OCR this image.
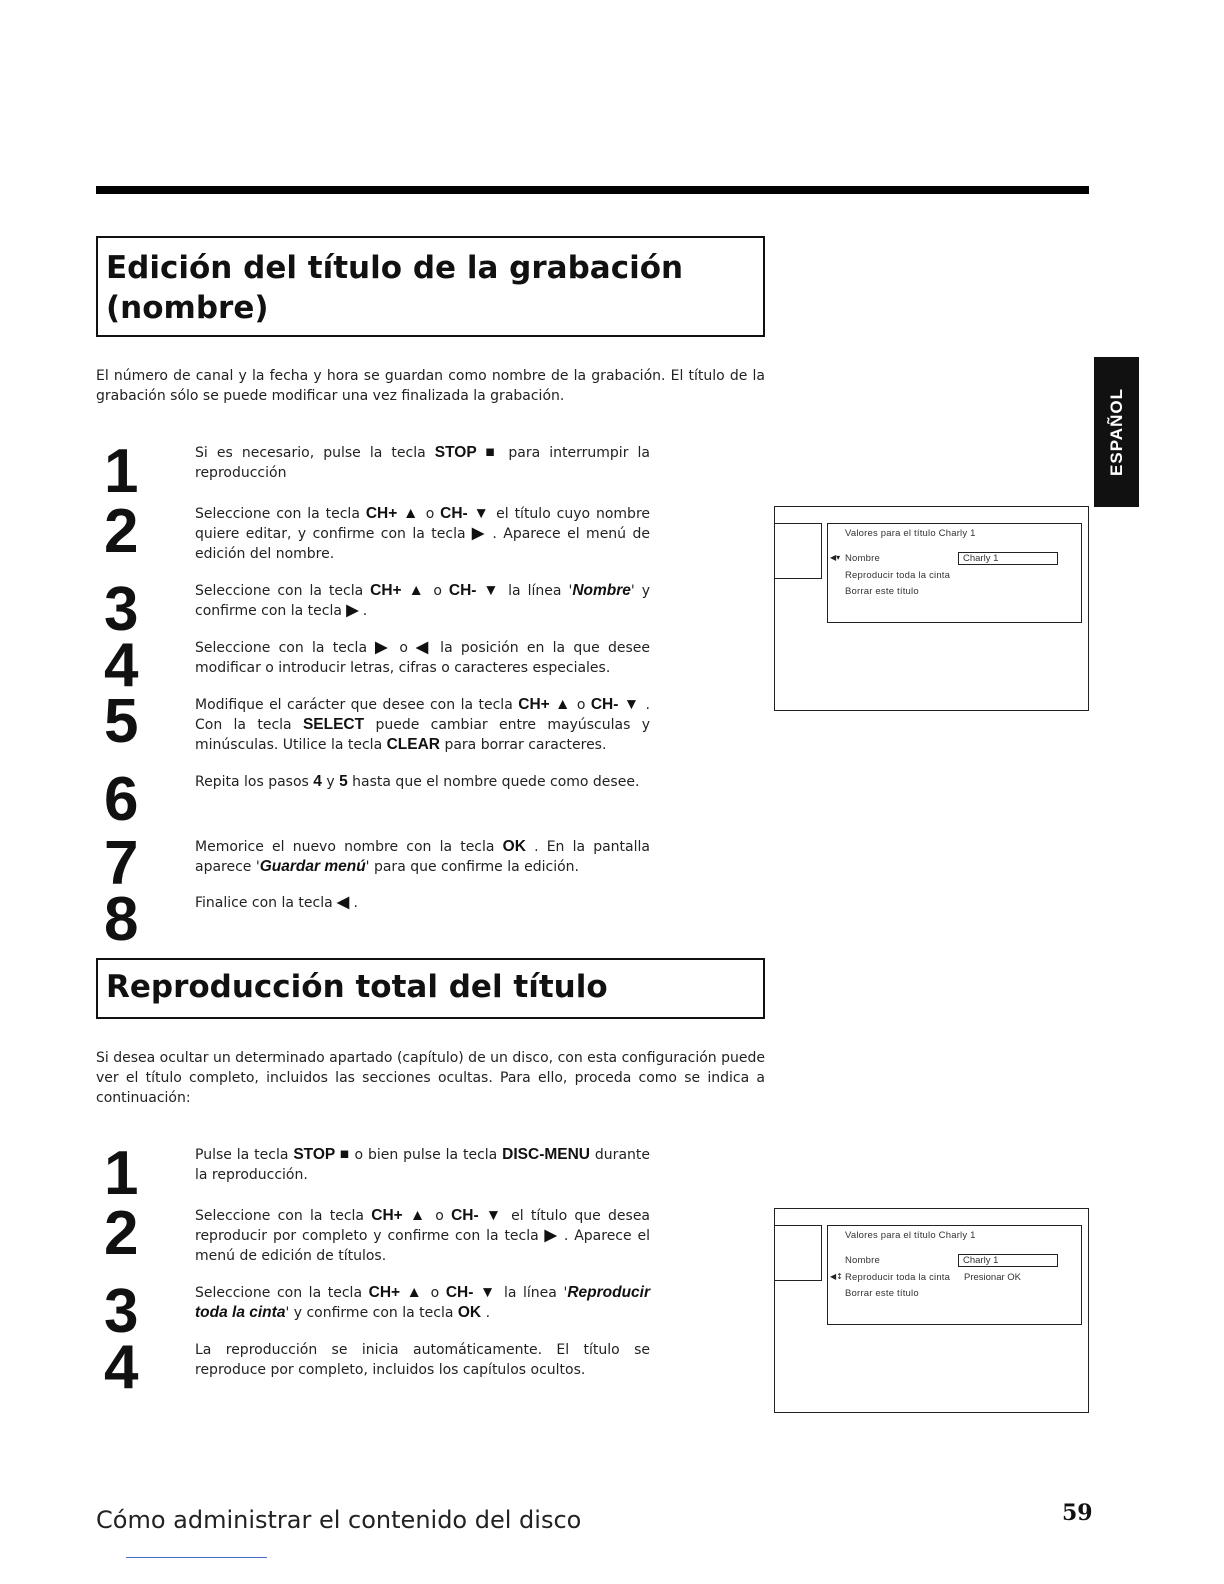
ESPAÑOL
Edición del título de la grabación (nombre)
El número de canal y la fecha y hora se guardan como nombre de la grabación. El título de la grabación sólo se puede modificar una vez finalizada la grabación.
1	Si es necesario, pulse la tecla STOP ■ para interrumpir la reproducción
2	Seleccione con la tecla CH+ ▲ o CH- ▼ el título cuyo nombre quiere editar, y confirme con la tecla ▶ . Aparece el menú de edición del nombre.
3	Seleccione con la tecla CH+ ▲ o CH- ▼ la línea 'Nombre' y confirme con la tecla ▶ .
4	Seleccione con la tecla ▶ o ◀ la posición en la que desee modificar o introducir letras, cifras o caracteres especiales.
5	Modifique el carácter que desee con la tecla CH+ ▲ o CH- ▼ . Con la tecla SELECT puede cambiar entre mayúsculas y minúsculas. Utilice la tecla CLEAR para borrar caracteres.
6	Repita los pasos 4 y 5 hasta que el nombre quede como desee.
7	Memorice el nuevo nombre con la tecla OK . En la pantalla aparece 'Guardar menú' para que confirme la edición.
8	Finalice con la tecla ◀ .
Valores para el título Charly 1
◀▾ Nombre	Charly 1
Reproducir toda la cinta
Borrar este título
Reproducción total del título
Si desea ocultar un determinado apartado (capítulo) de un disco, con esta configuración puede ver el título completo, incluidos las secciones ocultas. Para ello, proceda como se indica a continuación:
1	Pulse la tecla STOP ■ o bien pulse la tecla DISC-MENU durante la reproducción.
2	Seleccione con la tecla CH+ ▲ o CH- ▼ el título que desea reproducir por completo y confirme con la tecla ▶ . Aparece el menú de edición de títulos.
3	Seleccione con la tecla CH+ ▲ o CH- ▼ la línea 'Reproducir toda la cinta' y confirme con la tecla OK .
4	La reproducción se inicia automáticamente. El título se reproduce por completo, incluidos los capítulos ocultos.
Valores para el título Charly 1
Nombre	Charly 1
◀↕ Reproducir toda la cinta Presionar OK
Borrar este título
Cómo administrar el contenido del disco	59
